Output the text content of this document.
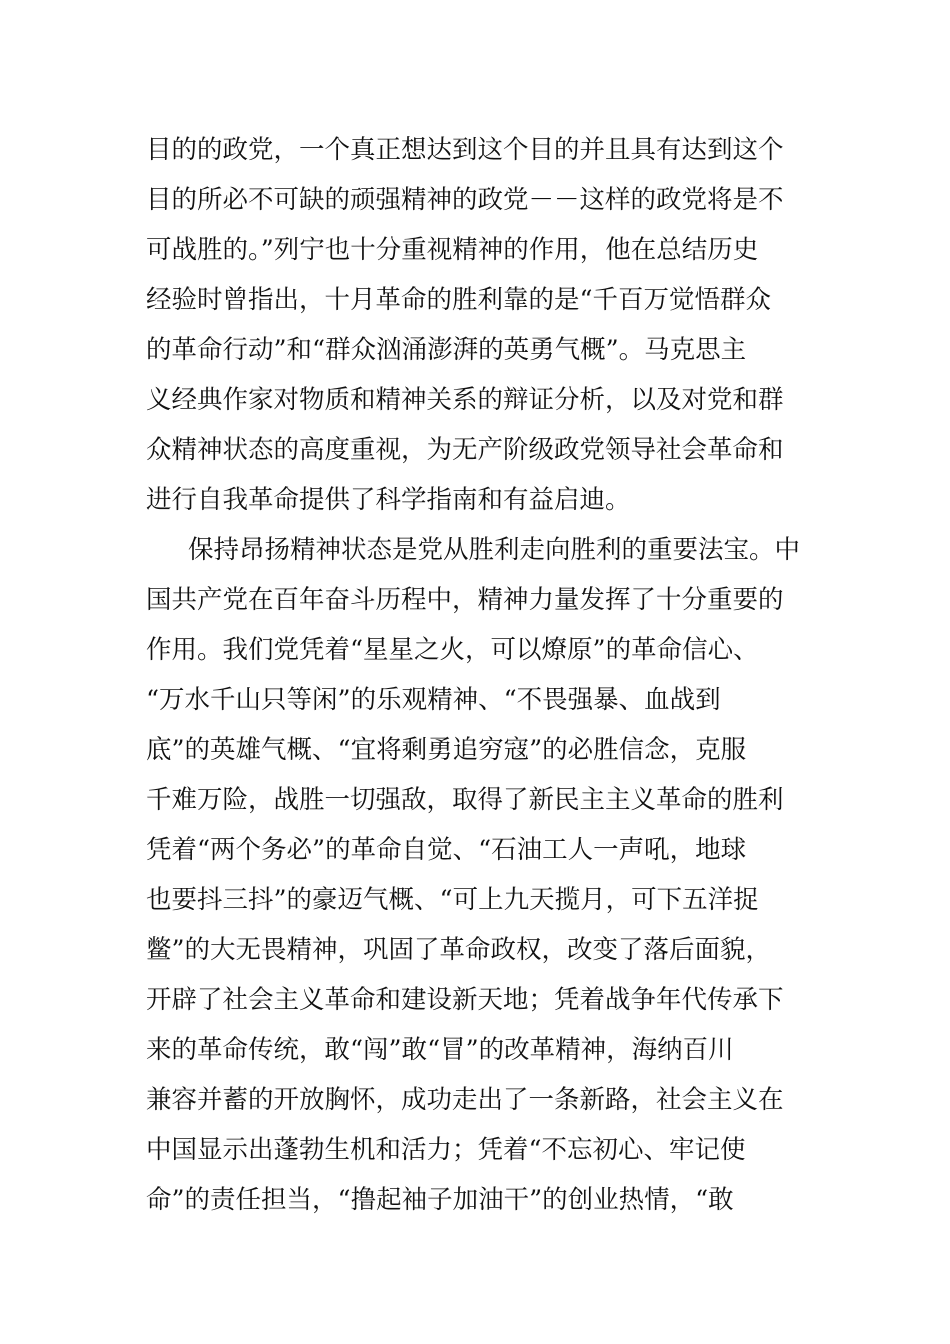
目的的政党，一个真正想达到这个目的并且具有达到这个
目的所必不可缺的顽强精神的政党－－这样的政党将是不
可战胜的。”列宁也十分重视精神的作用，他在总结历史
经验时曾指出，十月革命的胜利靠的是“千百万觉悟群众
的革命行动”和“群众汹涌澎湃的英勇气概”。马克思主
义经典作家对物质和精神关系的辩证分析，以及对党和群
众精神状态的高度重视，为无产阶级政党领导社会革命和
进行自我革命提供了科学指南和有益启迪。
保持昂扬精神状态是党从胜利走向胜利的重要法宝。中
国共产党在百年奋斗历程中，精神力量发挥了十分重要的
作用。我们党凭着“星星之火，可以燎原”的革命信心、
“万水千山只等闲”的乐观精神、“不畏强暴、血战到
底”的英雄气概、“宜将剩勇追穷寇”的必胜信念，克服
千难万险，战胜一切强敌，取得了新民主主义革命的胜利
凭着“两个务必”的革命自觉、“石油工人一声吼，地球
也要抖三抖”的豪迈气概、“可上九天揽月，可下五洋捉
鳖”的大无畏精神，巩固了革命政权，改变了落后面貌，
开辟了社会主义革命和建设新天地；凭着战争年代传承下
来的革命传统，敢“闯”敢“冒”的改革精神，海纳百川
兼容并蓄的开放胸怀，成功走出了一条新路，社会主义在
中国显示出蓬勃生机和活力；凭着“不忘初心、牢记使
命”的责任担当，“撸起袖子加油干”的创业热情，“敢
